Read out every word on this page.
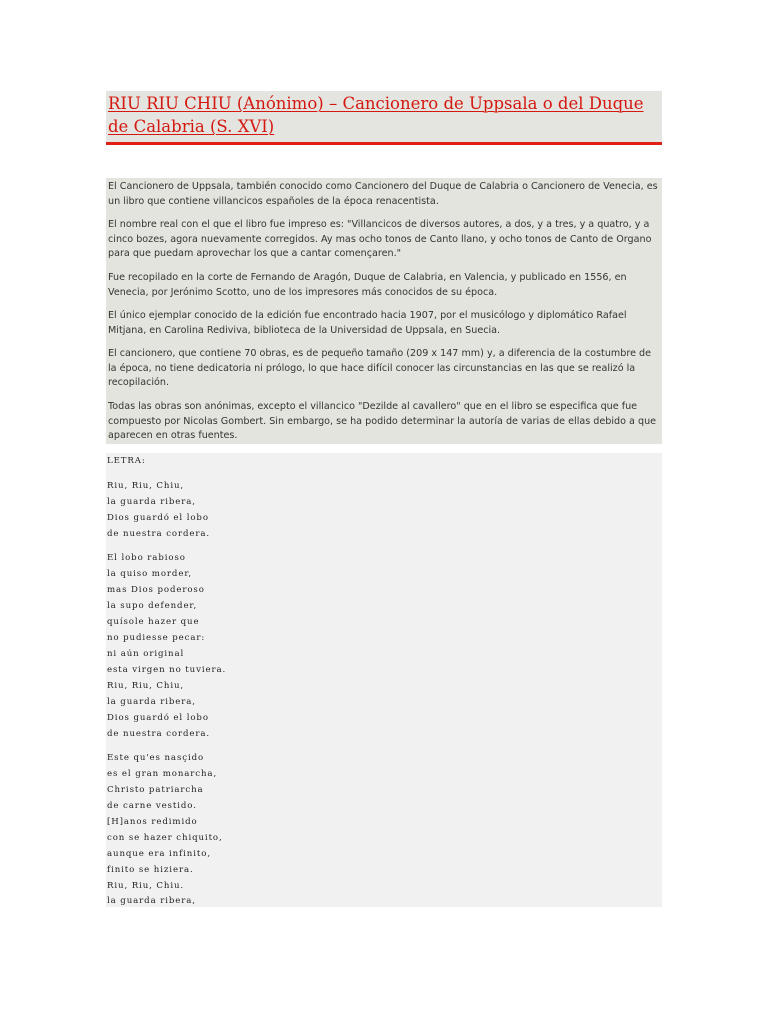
RIU RIU CHIU (Anónimo) – Cancionero de Uppsala o del Duque de Calabria (S. XVI)

El Cancionero de Uppsala, también conocido como Cancionero del Duque de Calabria o Cancionero de Venecia, es un libro que contiene villancicos españoles de la época renacentista.

El nombre real con el que el libro fue impreso es: "Villancicos de diversos autores, a dos, y a tres, y a quatro, y a cinco bozes, agora nuevamente corregidos. Ay mas ocho tonos de Canto llano, y ocho tonos de Canto de Organo para que puedam aprovechar los que a cantar començaren."

Fue recopilado en la corte de Fernando de Aragón, Duque de Calabria, en Valencia, y publicado en 1556, en Venecia, por Jerónimo Scotto, uno de los impresores más conocidos de su época.

El único ejemplar conocido de la edición fue encontrado hacia 1907, por el musicólogo y diplomático Rafael Mitjana, en Carolina Rediviva, biblioteca de la Universidad de Uppsala, en Suecia.

El cancionero, que contiene 70 obras, es de pequeño tamaño (209 x 147 mm) y, a diferencia de la costumbre de la época, no tiene dedicatoria ni prólogo, lo que hace difícil conocer las circunstancias en las que se realizó la recopilación.

Todas las obras son anónimas, excepto el villancico "Dezilde al cavallero" que en el libro se especifica que fue compuesto por Nicolas Gombert. Sin embargo, se ha podido determinar la autoría de varias de ellas debido a que aparecen en otras fuentes.

LETRA:

Riu, Riu, Chiu,

la guarda ribera,

Dios guardó el lobo

de nuestra cordera.

El lobo rabioso

la quiso morder,

mas Dios poderoso

la supo defender,

quísole hazer que

no pudiesse pecar:

ni aún original

esta virgen no tuviera.

Riu, Riu, Chiu,

la guarda ribera,

Dios guardó el lobo

de nuestra cordera.

Este qu'es nasçido

es el gran monarcha,

Christo patriarcha

de carne vestido.

[H]anos redimido

con se hazer chiquito,

aunque era infinito,

finito se hiziera.

Riu, Riu, Chiu.

la guarda ribera,
